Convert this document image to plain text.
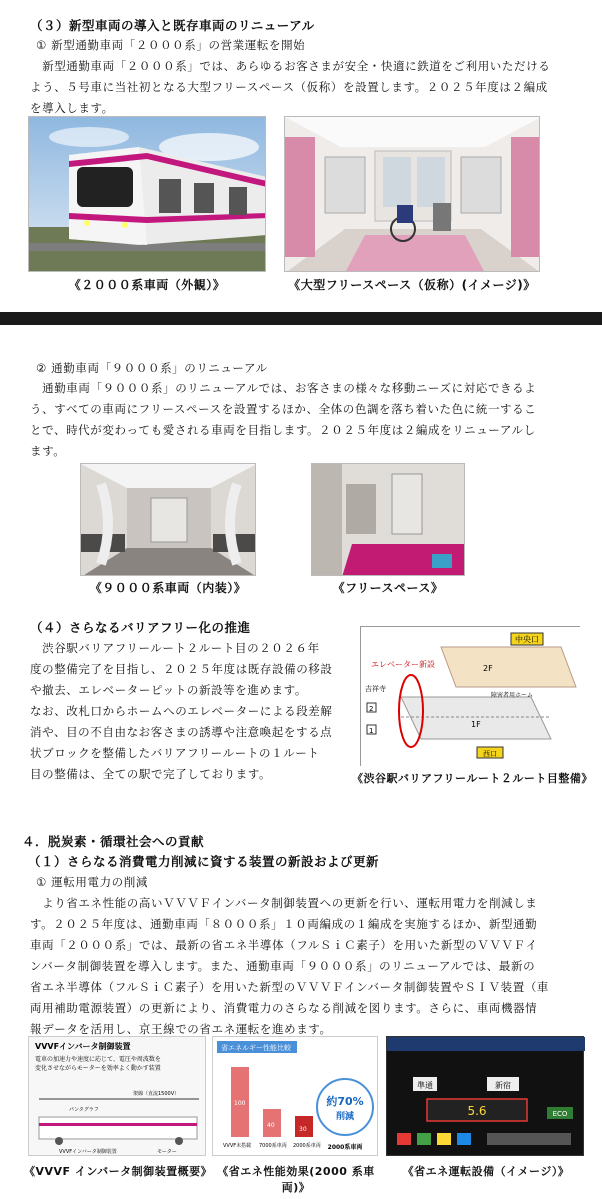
（３）新型車両の導入と既存車両のリニューアル
① 新型通勤車両「２０００系」の営業運転を開始
　新型通勤車両「２０００系」では、あらゆるお客さまが安全・快適に鉄道をご利用いただける
よう、５号車に当社初となる大型フリースペース（仮称）を設置します。２０２５年度は２編成
を導入します。
《２０００系車両（外観）》	《大型フリースペース（仮称）(イメージ)》
② 通勤車両「９０００系」のリニューアル
　通勤車両「９０００系」のリニューアルでは、お客さまの様々な移動ニーズに対応できるよ
う、すべての車両にフリースペースを設置するほか、全体の色調を落ち着いた色に統一するこ
とで、時代が変わっても愛される車両を目指します。２０２５年度は２編成をリニューアルし
ます。
《９０００系車両（内装）》	《フリースペース》
（４）さらなるバリアフリー化の推進
　渋谷駅バリアフリールート２ルート目の２０２６年
度の整備完了を目指し、２０２５年度は既存設備の移設
や撤去、エレベーターピットの新設等を進めます。
なお、改札口からホームへのエレベーターによる段差解
消や、目の不自由なお客さまの誘導や注意喚起をする点
状ブロックを整備したバリアフリールートの１ルート
目の整備は、全ての駅で完了しております。
中央口
エレベーター新設
吉祥寺
2
1
2F
1F
障害者用ホーム
西口
《渋谷駅バリアフリールート２ルート目整備》
４．脱炭素・循環社会への貢献
（１）さらなる消費電力削減に資する装置の新設および更新
① 運転用電力の削減
　より省エネ性能の高いＶＶＶＦインバータ制御装置への更新を行い、運転用電力を削減しま
す。２０２５年度は、通勤車両「８０００系」１０両編成の１編成を実施するほか、新型通勤
車両「２０００系」では、最新の省エネ半導体（フルＳｉＣ素子）を用いた新型のＶＶＶＦイ
ンバータ制御装置を導入します。また、通勤車両「９０００系」のリニューアルでは、最新の
省エネ半導体（フルＳｉＣ素子）を用いた新型のＶＶＶＦインバータ制御装置やＳＩＶ装置（車
両用補助電源装置）の更新により、消費電力のさらなる削減を図ります。さらに、車両機器情
報データを活用し、京王線での省エネ運転を進めます。
VVVFインバータ制御装置
電車の加速力や速度に応じて、電圧や周波数を
変化させながらモーターを効率よく動かす装置
架線（直流1500V）
パンタグラフ
VVVFインバータ制御装置	モーター
省エネルギー性能比較
100
40
30
VVVF未搭載 7000系車両 2000系車両
約70%
削減
2000系車両
準通	新宿
5.6	ECO
《VVVF インバータ制御装置概要》 《省エネ性能効果(2000 系車両)》
《省エネ運転設備（イメージ）》
